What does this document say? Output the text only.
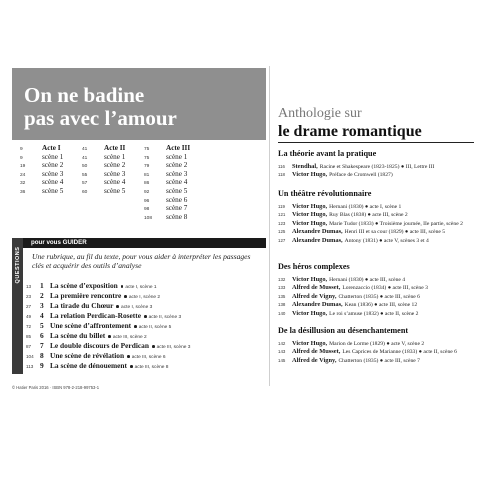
On ne badine
pas avec l’amour
9	Acte I
9	scène 1
19 scène 2
24 scène 3
32 scène 4
36 scène 5
41 Acte II
41 scène 1
50 scène 2
55 scène 3
57 scène 4
60 scène 5
75 Acte III
75 scène 1
79 scène 2
81 scène 3
86 scène 4
92 scène 5
96 scène 6
98 scène 7
108 scène 8
QUESTIONS
pour vous GUIDER
Une rubrique, au fil du texte, pour vous aider à interpréter les passages clés et acquérir des outils d’analyse
13 1 La scène d’exposition acte I, scène 1
23 2 La première rencontre acte I, scène 2
27 3 La tirade du Chœur acte I, scène 3
49 4 La relation Perdican-Rosette acte II, scène 3
72 5 Une scène d’affrontement acte II, scène 5
85 6 La scène du billet acte III, scène 2
87 7 Le double discours de Perdican acte III, scène 3
104 8 Une scène de révélation acte III, scène 6
113 9 La scène de dénouement acte III, scène 8
© Hatier Paris 2016 · ISBN 978-2-218-99753-1
Anthologie sur
le drame romantique
La théorie avant la pratique
116 Stendhal, Racine et Shakespeare (1823-1825) ● III, Lettre III
118 Victor Hugo, Préface de Cromwell (1827)
Un théâtre révolutionnaire
119 Victor Hugo, Hernani (1830) ● acte I, scène 1
121 Victor Hugo, Ruy Blas (1838) ● acte III, scène 2
123 Victor Hugo, Marie Tudor (1833) ● Troisième journée, IIe partie, scène 2
125 Alexandre Dumas, Henri III et sa cour (1829) ● acte III, scène 5
127 Alexandre Dumas, Antony (1831) ● acte V, scènes 3 et 4
Des héros complexes
132 Victor Hugo, Hernani (1830) ● acte III, scène 4
133 Alfred de Musset, Lorenzaccio (1834) ● acte III, scène 3
135 Alfred de Vigny, Chatterton (1835) ● acte III, scène 6
138 Alexandre Dumas, Kean (1836) ● acte III, scène 12
140 Victor Hugo, Le roi s’amuse (1832) ● acte II, scène 2
De la désillusion au désenchantement
142 Victor Hugo, Marion de Lorme (1829) ● acte V, scène 2
143 Alfred de Musset, Les Caprices de Marianne (1833) ● acte II, scène 6
145 Alfred de Vigny, Chatterton (1835) ● acte III, scène 7
